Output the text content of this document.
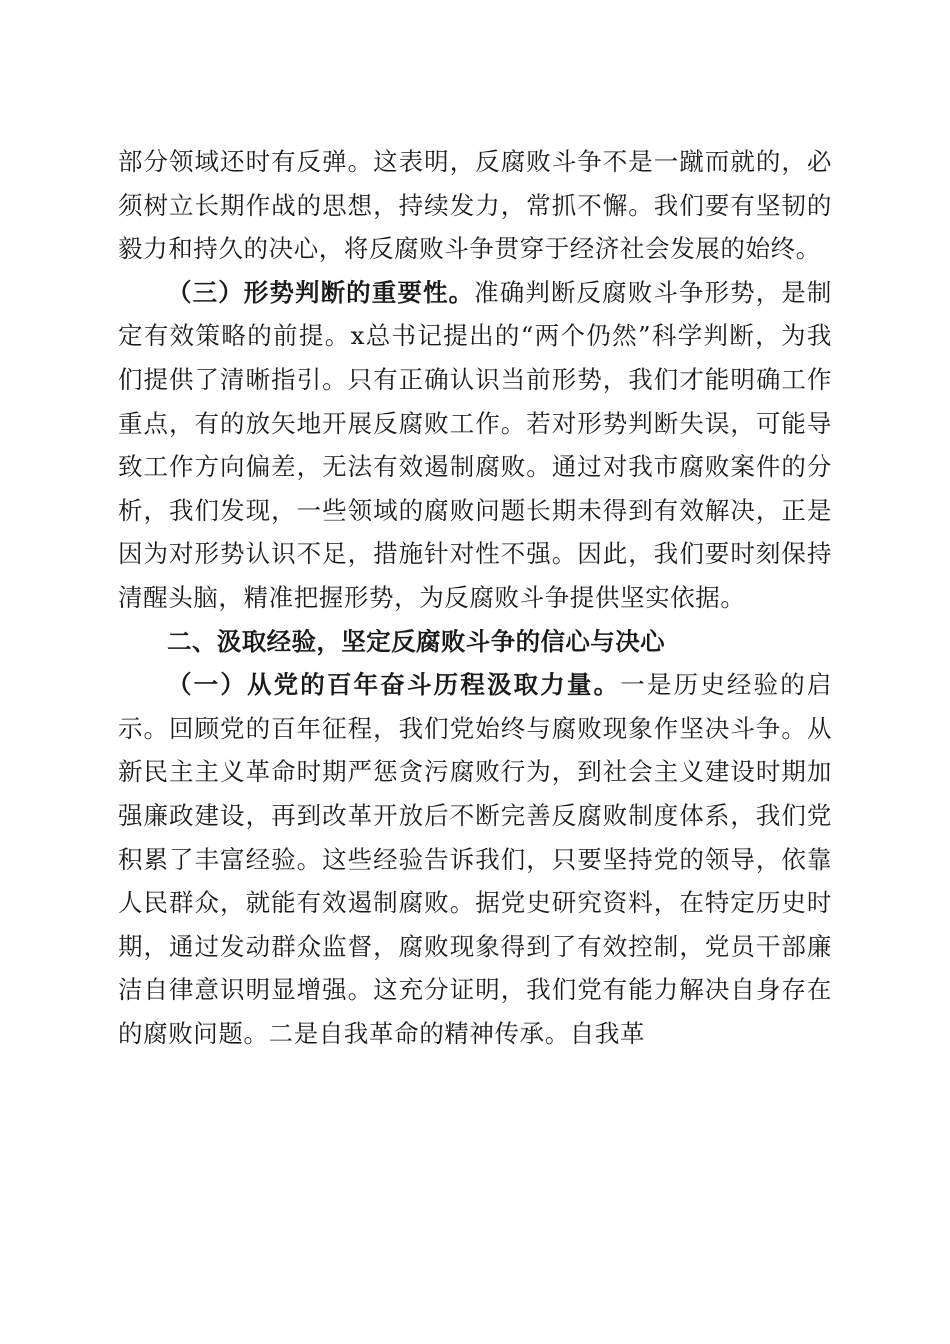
部分领域还时有反弹。这表明，反腐败斗争不是一蹴而就的，必须树立长期作战的思想，持续发力，常抓不懈。我们要有坚韧的毅力和持久的决心，将反腐败斗争贯穿于经济社会发展的始终。

（三）形势判断的重要性。准确判断反腐败斗争形势，是制定有效策略的前提。x总书记提出的“两个仍然”科学判断，为我们提供了清晰指引。只有正确认识当前形势，我们才能明确工作重点，有的放矢地开展反腐败工作。若对形势判断失误，可能导致工作方向偏差，无法有效遏制腐败。通过对我市腐败案件的分析，我们发现，一些领域的腐败问题长期未得到有效解决，正是因为对形势认识不足，措施针对性不强。因此，我们要时刻保持清醒头脑，精准把握形势，为反腐败斗争提供坚实依据。

二、汲取经验，坚定反腐败斗争的信心与决心

（一）从党的百年奋斗历程汲取力量。一是历史经验的启示。回顾党的百年征程，我们党始终与腐败现象作坚决斗争。从新民主主义革命时期严惩贪污腐败行为，到社会主义建设时期加强廉政建设，再到改革开放后不断完善反腐败制度体系，我们党积累了丰富经验。这些经验告诉我们，只要坚持党的领导，依靠人民群众，就能有效遏制腐败。据党史研究资料，在特定历史时期，通过发动群众监督，腐败现象得到了有效控制，党员干部廉洁自律意识明显增强。这充分证明，我们党有能力解决自身存在的腐败问题。二是自我革命的精神传承。自我革
